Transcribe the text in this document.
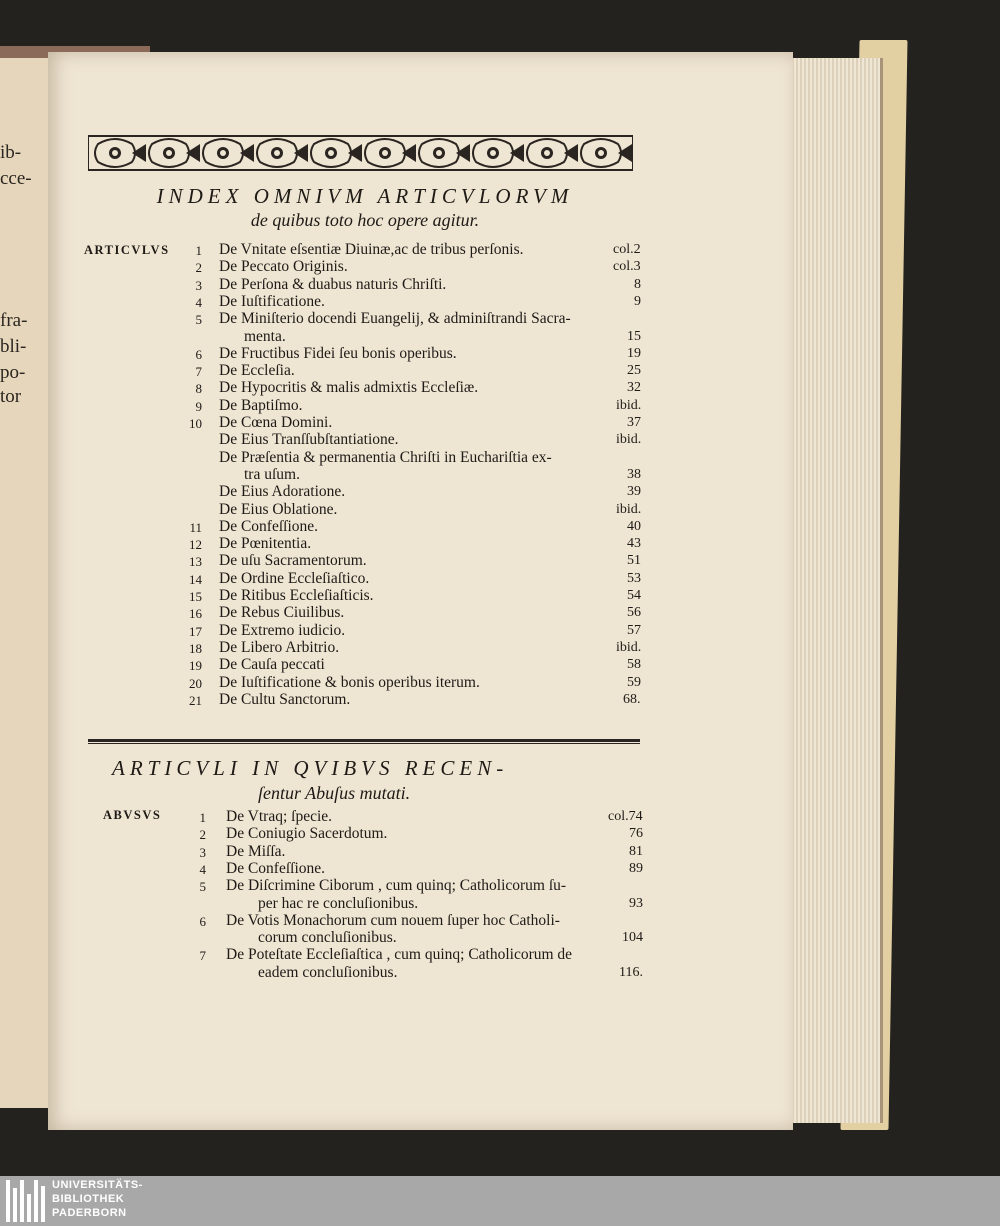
ib-
cce-
fra-
bli-
po-
tor
INDEX OMNIVM ARTICVLORVM
de quibus toto hoc opere agitur.
ARTICVLVS	1 De Vnitate eſsentiæ Diuinæ,ac de tribus perſonis.	col.2
2 De Peccato Originis.	col.3
3 De Perſona & duabus naturis Chriſti.	8
4 De Iuſtificatione.	9
5 De Miniſterio docendi Euangelij, & adminiſtrandi Sacra-
menta.	15
6 De Fructibus Fidei ſeu bonis operibus.	19
7 De Eccleſia.	25
8 De Hypocritis & malis admixtis Eccleſiæ.	32
9 De Baptiſmo.	ibid.
10 De Cœna Domini.	37
De Eius Tranſſubſtantiatione.	ibid.
De Præſentia & permanentia Chriſti in Euchariſtia ex-
tra uſum.	38
De Eius Adoratione.	39
De Eius Oblatione.	ibid.
11 De Confeſſione.	40
12 De Pœnitentia.	43
13 De uſu Sacramentorum.	51
14 De Ordine Eccleſiaſtico.	53
15 De Ritibus Eccleſiaſticis.	54
16 De Rebus Ciuilibus.	56
17 De Extremo iudicio.	57
18 De Libero Arbitrio.	ibid.
19 De Cauſa peccati	58
20 De Iuſtificatione & bonis operibus iterum.	59
21 De Cultu Sanctorum.	68.
ARTICVLI IN QVIBVS RECEN-
ſentur Abuſus mutati.
ABVSVS	1 De Vtraq; ſpecie.	col.74
2 De Coniugio Sacerdotum.	76
3 De Miſſa.	81
4 De Confeſſione.	89
5 De Diſcrimine Ciborum , cum quinq; Catholicorum ſu-
per hac re concluſionibus.	93
6 De Votis Monachorum cum nouem ſuper hoc Catholi-
corum concluſionibus.	104
7 De Poteſtate Eccleſiaſtica , cum quinq; Catholicorum de
eadem concluſionibus.	116.
UNIVERSITÄTS-
BIBLIOTHEK
PADERBORN
